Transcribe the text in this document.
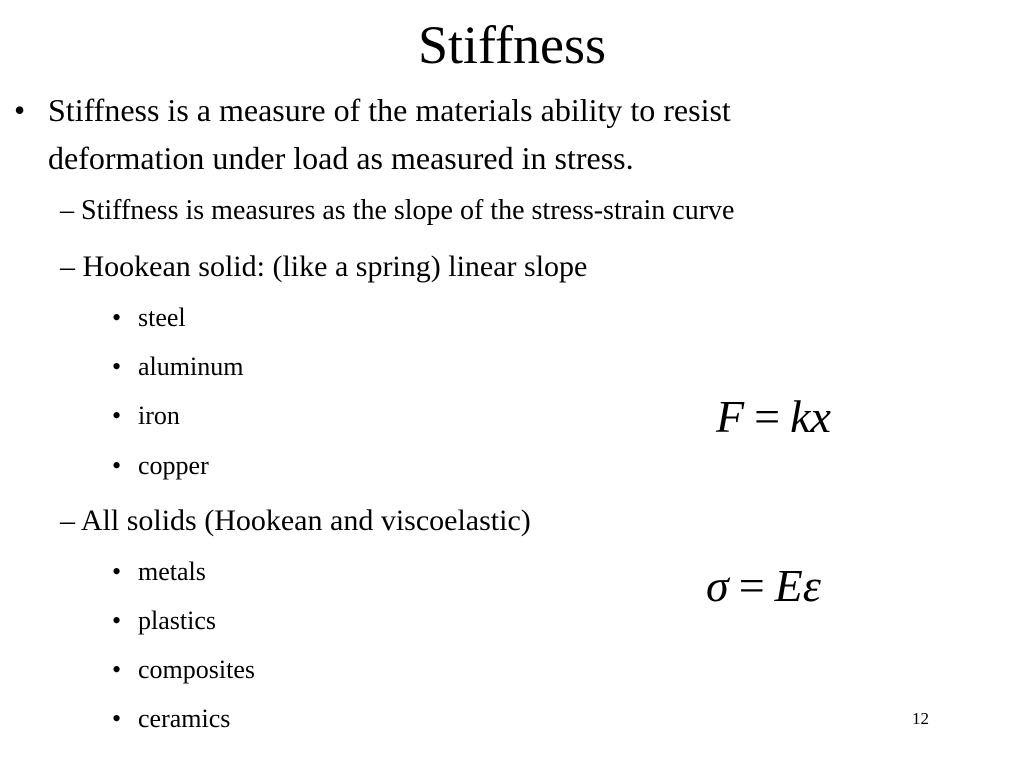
Stiffness
• Stiffness is a measure of the materials ability to resist
deformation under load as measured in stress.
– Stiffness is measures as the slope of the stress-strain curve
– Hookean solid: (like a spring) linear slope
• steel
• aluminum
• iron
• copper
– All solids (Hookean and viscoelastic)
• metals
• plastics
• composites
• ceramics
F = kx
σ = Eε
12
